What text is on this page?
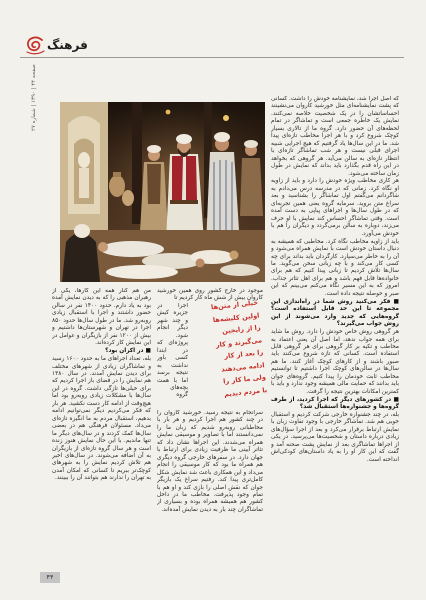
فرهنگ
صفحه ۴۴ | ۱۳۹۰ | شماره ۲۷

که اصل اجرا شد، نمایشنامه خودش را داشت. کسانی که پشت نمایشنامه‌ای مثل خورشید کاروان می‌نشینند احساساتشان را در یک شخصیت خلاصه نمی‌کنند. نمایش یک خاطره جمعی است و تماشاگر در تمام لحظه‌های آن حضور دارد. گروه ما از تالاری بسیار کوچک شروع کرد و با هر اجرا مخاطب تازه‌ای پیدا شد. ما در این سال‌ها یاد گرفتیم که هیچ اجرایی شبیه اجرای قبلی نیست و هر شب تماشاگر تازه‌ای با انتظار تازه‌ای به سالن می‌آید. هر گروهی که بخواهد در این راه قدم بگذارد باید بداند که نمایش در طول زمان ساخته می‌شود.

هر کاری مخاطب ویژه خودش را دارد و باید از زاویه او نگاه کرد. زمانی که در مدرسه درس می‌دادم به شاگردانم می‌گفتم اول تماشاگر را بشناسید و بعد سراغ متن بروید. سرمایه گروه یعنی همین تجربه‌ای که در طول سال‌ها و اجراهای پیاپی به دست آمده است. وقتی تماشاگر احساس کند نمایش با او حرف می‌زند، دوباره به سالن برمی‌گردد و دیگران را هم با خودش می‌آورد.

باید از زاویه مخاطب نگاه کرد. مخاطبی که همیشه به دنبال داستان خودش است با نمایش همراه می‌شود و آن را به خاطر می‌سپارد. کارگردان باید بداند برای چه کسی کار می‌کند و با چه زبانی سخن می‌گوید. ما سال‌ها تلاش کردیم تا زبانی پیدا کنیم که هم برای خانواده‌ها قابل فهم باشد و هم برای اهل تئاتر جذاب. امروز که به این مسیر نگاه می‌کنم می‌بینم که این صبر و حوصله نتیجه داده است.

■ فکر می‌کنید روش شما در راه‌اندازی این مجموعه تا این حد قابل استفاده است؟ گروه‌هایی که جدید وارد می‌شوند از این روش جواب می‌گیرند؟

هر گروهی روش خاص خودش را دارد. روش ما شاید برای همه جواب ندهد، اما اصل آن یعنی اعتماد به مخاطب و تکیه بر کار گروهی برای هر گروهی قابل استفاده است. کسانی که تازه شروع می‌کنند باید صبور باشند و از کارهای کوچک آغاز کنند. ما هم سال‌ها در سالن‌های کوچک اجرا داشتیم تا توانستیم مخاطب ثابت خودمان را پیدا کنیم. گروه‌های جوان باید بدانند که حمایت مالی همیشه وجود ندارد و باید با کمترین امکانات بهترین نتیجه را گرفت.

■ در کشورهای دیگر که اجرا کردید، از طرف گروه‌ها و جشنواره‌ها استقبال شد؟

بله، در چند جشنواره خارجی شرکت کردیم و استقبال خوبی هم شد. تماشاگر خارجی با وجود تفاوت زبان با نمایش ارتباط برقرار می‌کرد و بعد از اجرا سؤال‌های زیادی درباره داستان و شخصیت‌ها می‌پرسید. در یکی از اجراها تماشاگری بعد از نمایش پشت صحنه آمد و گفت که این کار او را به یاد داستان‌های کودکی‌اش انداخته است.

موجود در خارج کشور روی همین خورشید کاروان بیش از شش ماه کار کردیم تا

اجرا در جزیره کیش و چند شهر دیگر انجام شود. پروژه‌ای که در ابتدا کسی باور نداشت به نتیجه برسد اما با همت بچه‌های گروه

سرانجام به نتیجه رسید. خورشید کاروان را در چند کشور هم اجرا کردیم و هر بار با مخاطبانی روبه‌رو شدیم که زبان ما را نمی‌دانستند اما با تصاویر و موسیقی نمایش همراه می‌شدند. این اجراها نشان داد که تئاتر آیینی ما ظرفیت زیادی برای ارتباط با جهان دارد. در سفرهای خارجی گروه دیگری هم همراه ما بود که کار موسیقی را انجام می‌داد و این همکاری باعث شد نمایش شکل کامل‌تری پیدا کند. رفتیم سراغ یک بازیگر جوان که نقش اصلی را بازی کند و او هم با تمام وجود پذیرفت. مخاطب ما در داخل کشور هم همیشه همراه بوده و بسیاری از تماشاگران چند بار به دیدن نمایش آمده‌اند.

خیلی از متن‌ها
اولین کلیشه‌ها
را از رایجین
می‌گیرند و کار
را بعد از کار
ادامه می‌دهند
ولی ما کار را
با مردم دیدیم

من هم کنار همه این کارها، یکی از رهبران مذهبی را که به دیدن نمایش آمده بود به یاد دارم. حدود ۱۴۰۰ نفر در سالن حضور داشتند و اجرا با استقبال زیادی روبه‌رو شد. ما در طول سال‌ها حدود ۸۵۰ اجرا در تهران و شهرستان‌ها داشتیم و بیش از ۱۲۰۰ نفر از بازیگران و عوامل در این نمایش کار کرده‌اند.

■ در اکران بود؟

بله، تعداد اجراهای ما به حدود ۱۶۰۰ رسید و تماشاگران زیادی از شهرهای مختلف برای دیدن نمایش آمدند. در سال ۱۳۸۰ هم نمایش را در فضای باز اجرا کردیم که برای خیلی‌ها تازگی داشت. گروه در این سال‌ها با مشکلات زیادی روبه‌رو بود اما هیچ‌وقت از ادامه کار دست نکشید. هر بار که فکر می‌کردیم دیگر نمی‌توانیم ادامه بدهیم، استقبال مردم به ما انگیزه تازه‌ای می‌داد. مسئولان فرهنگی هم در بعضی سال‌ها کمک کردند و در سال‌های دیگر ما تنها ماندیم. با این حال نمایش هنوز زنده است و هر سال گروه تازه‌ای از بازیگران به آن اضافه می‌شوند. در سال‌های اخیر هم تلاش کردیم نمایش را به شهرهای کوچک‌تر ببریم تا کسانی که امکان آمدن به تهران را ندارند هم بتوانند آن را ببینند.

۴۴
